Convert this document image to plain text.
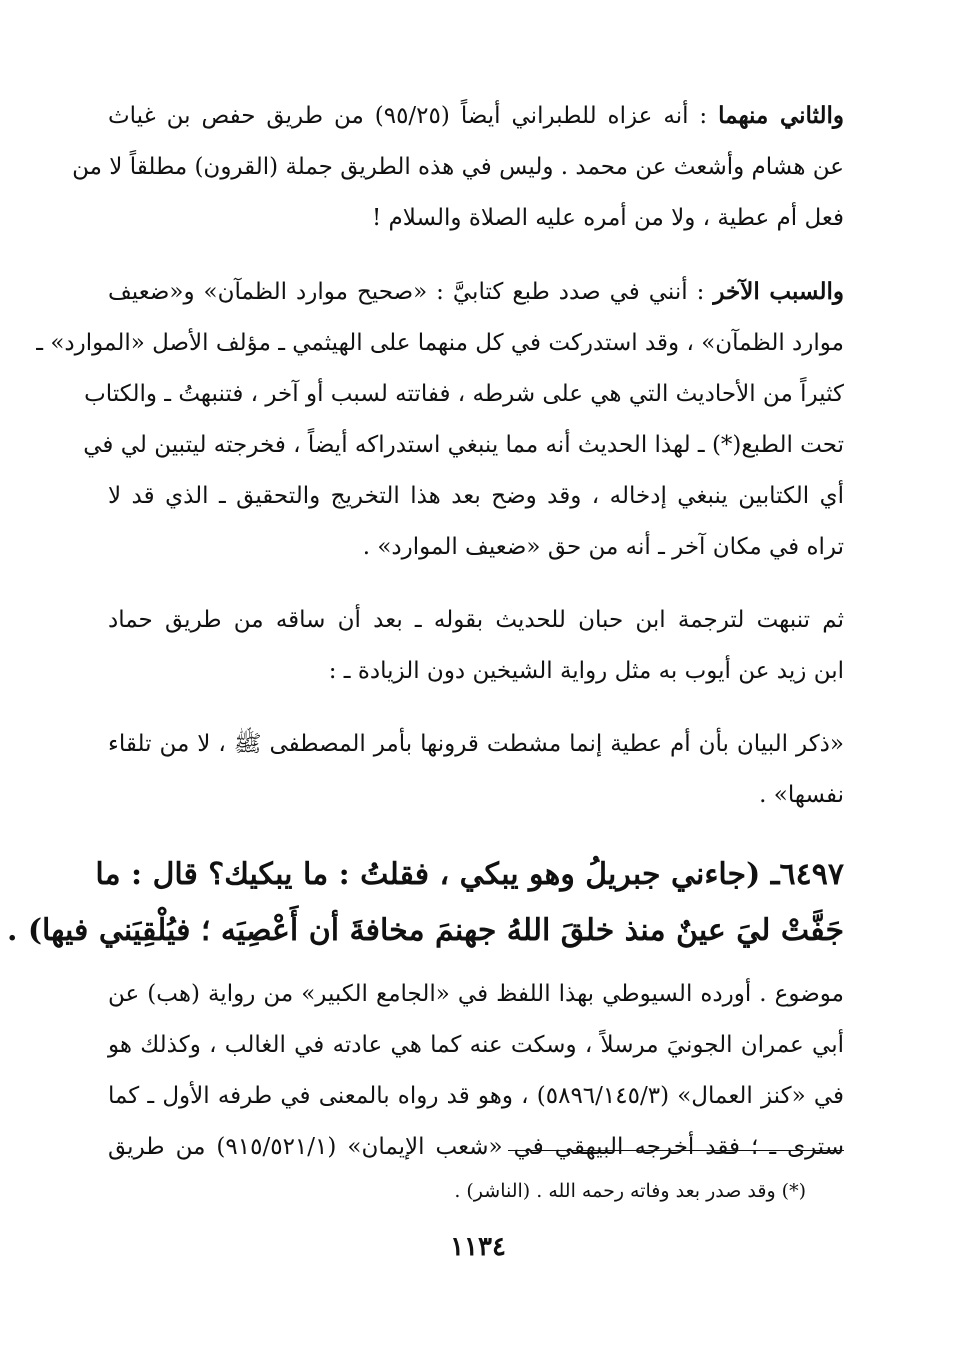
والثاني منهما : أنه عزاه للطبراني أيضاً (٩٥/٢٥) من طريق حفص بن غياث

عن هشام وأشعث عن محمد . وليس في هذه الطريق جملة (القرون) مطلقاً لا من

فعل أم عطية ، ولا من أمره عليه الصلاة والسلام !

والسبب الآخر : أنني في صدد طبع كتابيَّ : «صحيح موارد الظمآن» و«ضعيف

موارد الظمآن» ، وقد استدركت في كل منهما على الهيثمي ـ مؤلف الأصل «الموارد» ـ

كثيراً من الأحاديث التي هي على شرطه ، ففاتته لسبب أو آخر ، فتنبهتُ ـ والكتاب

تحت الطبع(*) ـ لهذا الحديث أنه مما ينبغي استدراكه أيضاً ، فخرجته ليتبين لي في

أي الكتابين ينبغي إدخاله ، وقد وضح بعد هذا التخريج والتحقيق ـ الذي قد لا

تراه في مكان آخر ـ أنه من حق «ضعيف الموارد» .

ثم تنبهت لترجمة ابن حبان للحديث بقوله ـ بعد أن ساقه من طريق حماد

ابن زيد عن أيوب به مثل رواية الشيخين دون الزيادة ـ :

«ذكر البيان بأن أم عطية إنما مشطت قرونها بأمر المصطفى ﷺ ، لا من تلقاء

نفسها» .

٦٤٩٧ـ (جاءني جبريلُ وهو يبكي ، فقلتُ : ما يبكيك؟ قال : ما

جَفَّتْ ليَ عينٌ منذ خلقَ اللهُ جهنمَ مخافةَ أن أَعْصِيَه ؛ فيُلْقِيَني فيها) .

موضوع . أورده السيوطي بهذا اللفظ في «الجامع الكبير» من رواية (هب) عن

أبي عمران الجونيَ مرسلاً ، وسكت عنه كما هي عادته في الغالب ، وكذلك هو

في «كنز العمال» (٥٨٩٦/١٤٥/٣) ، وهو قد رواه بالمعنى في طرفه الأول ـ كما

سترى ـ ؛ فقد أخرجه البيهقي في «شعب الإيمان» (٩١٥/٥٢١/١) من طريق

(*) وقد صدر بعد وفاته رحمه الله . (الناشر) .

١١٣٤
